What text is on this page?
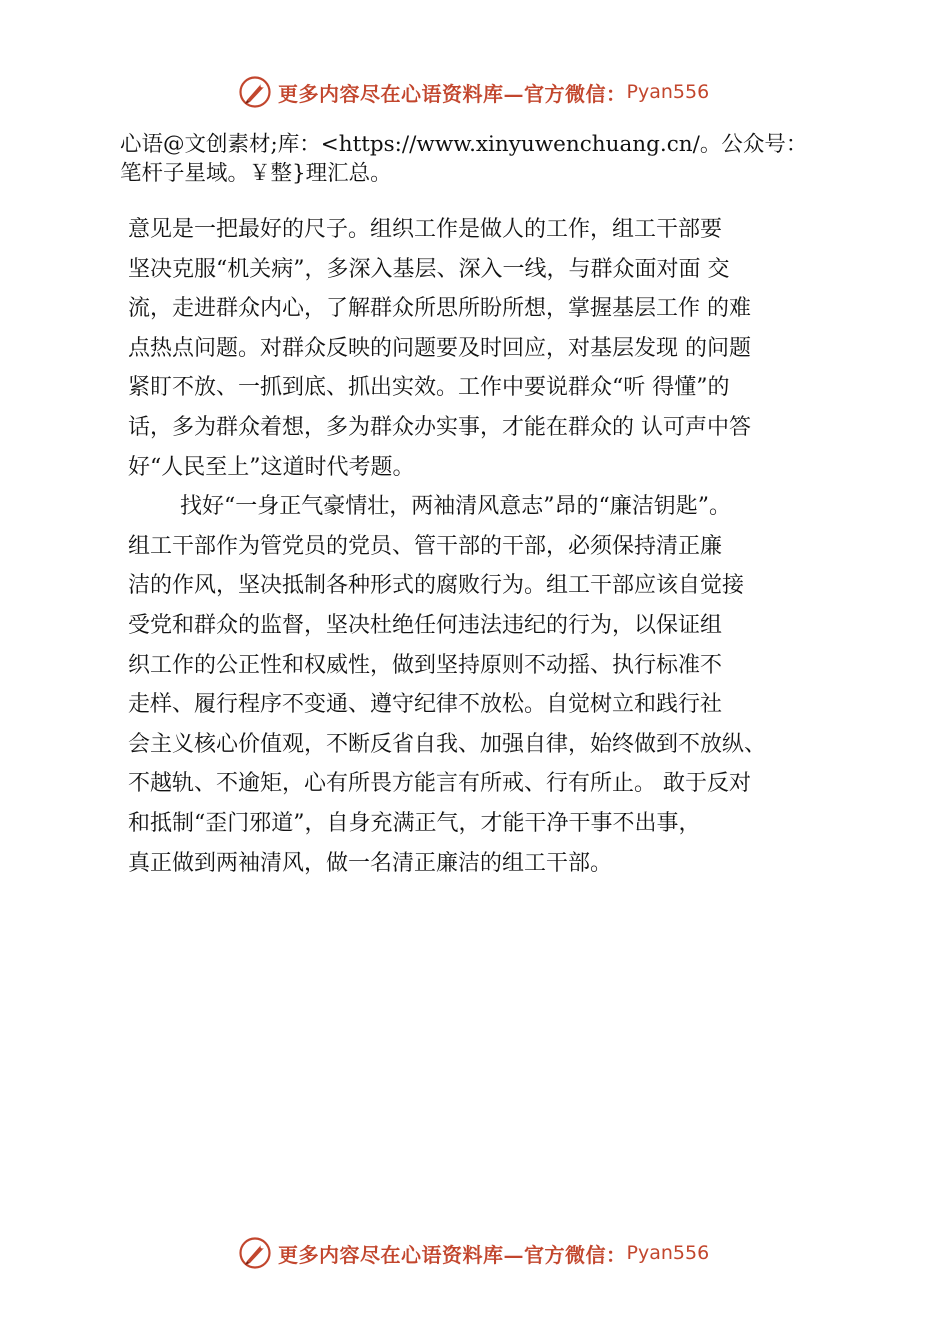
更多内容尽在心语资料库— 官方微信： Pyan556
心语@文创素材;库：<https://www.xinyuwenchuang.cn/。公众号：
笔杆子星域。￥整}理汇总。
意见是一把最好的尺子。组织工作是做人的工作，组工干部要
坚决克服“机关病”，多深入基层、深入一线，与群众面对面 交
流，走进群众内心，了解群众所思所盼所想，掌握基层工作 的难
点热点问题。对群众反映的问题要及时回应，对基层发现 的问题
紧盯不放、一抓到底、抓出实效。工作中要说群众“听 得懂”的
话，多为群众着想，多为群众办实事，才能在群众的 认可声中答
好“人民至上”这道时代考题。
找好“一身正气豪情壮，两袖清风意志”昂的“廉洁钥匙”。
组工干部作为管党员的党员、管干部的干部，必须保持清正廉
洁的作风，坚决抵制各种形式的腐败行为。组工干部应该自觉接
受党和群众的监督，坚决杜绝任何违法违纪的行为，以保证组
织工作的公正性和权威性，做到坚持原则不动摇、执行标准不
走样、履行程序不变通、遵守纪律不放松。自觉树立和践行社
会主义核心价值观，不断反省自我、加强自律，始终做到不放纵、
不越轨、不逾矩，心有所畏方能言有所戒、行有所止。 敢于反对
和抵制“歪门邪道”，自身充满正气，才能干净干事不出事，
真正做到两袖清风，做一名清正廉洁的组工干部。
更多内容尽在心语资料库— 官方微信： Pyan556
